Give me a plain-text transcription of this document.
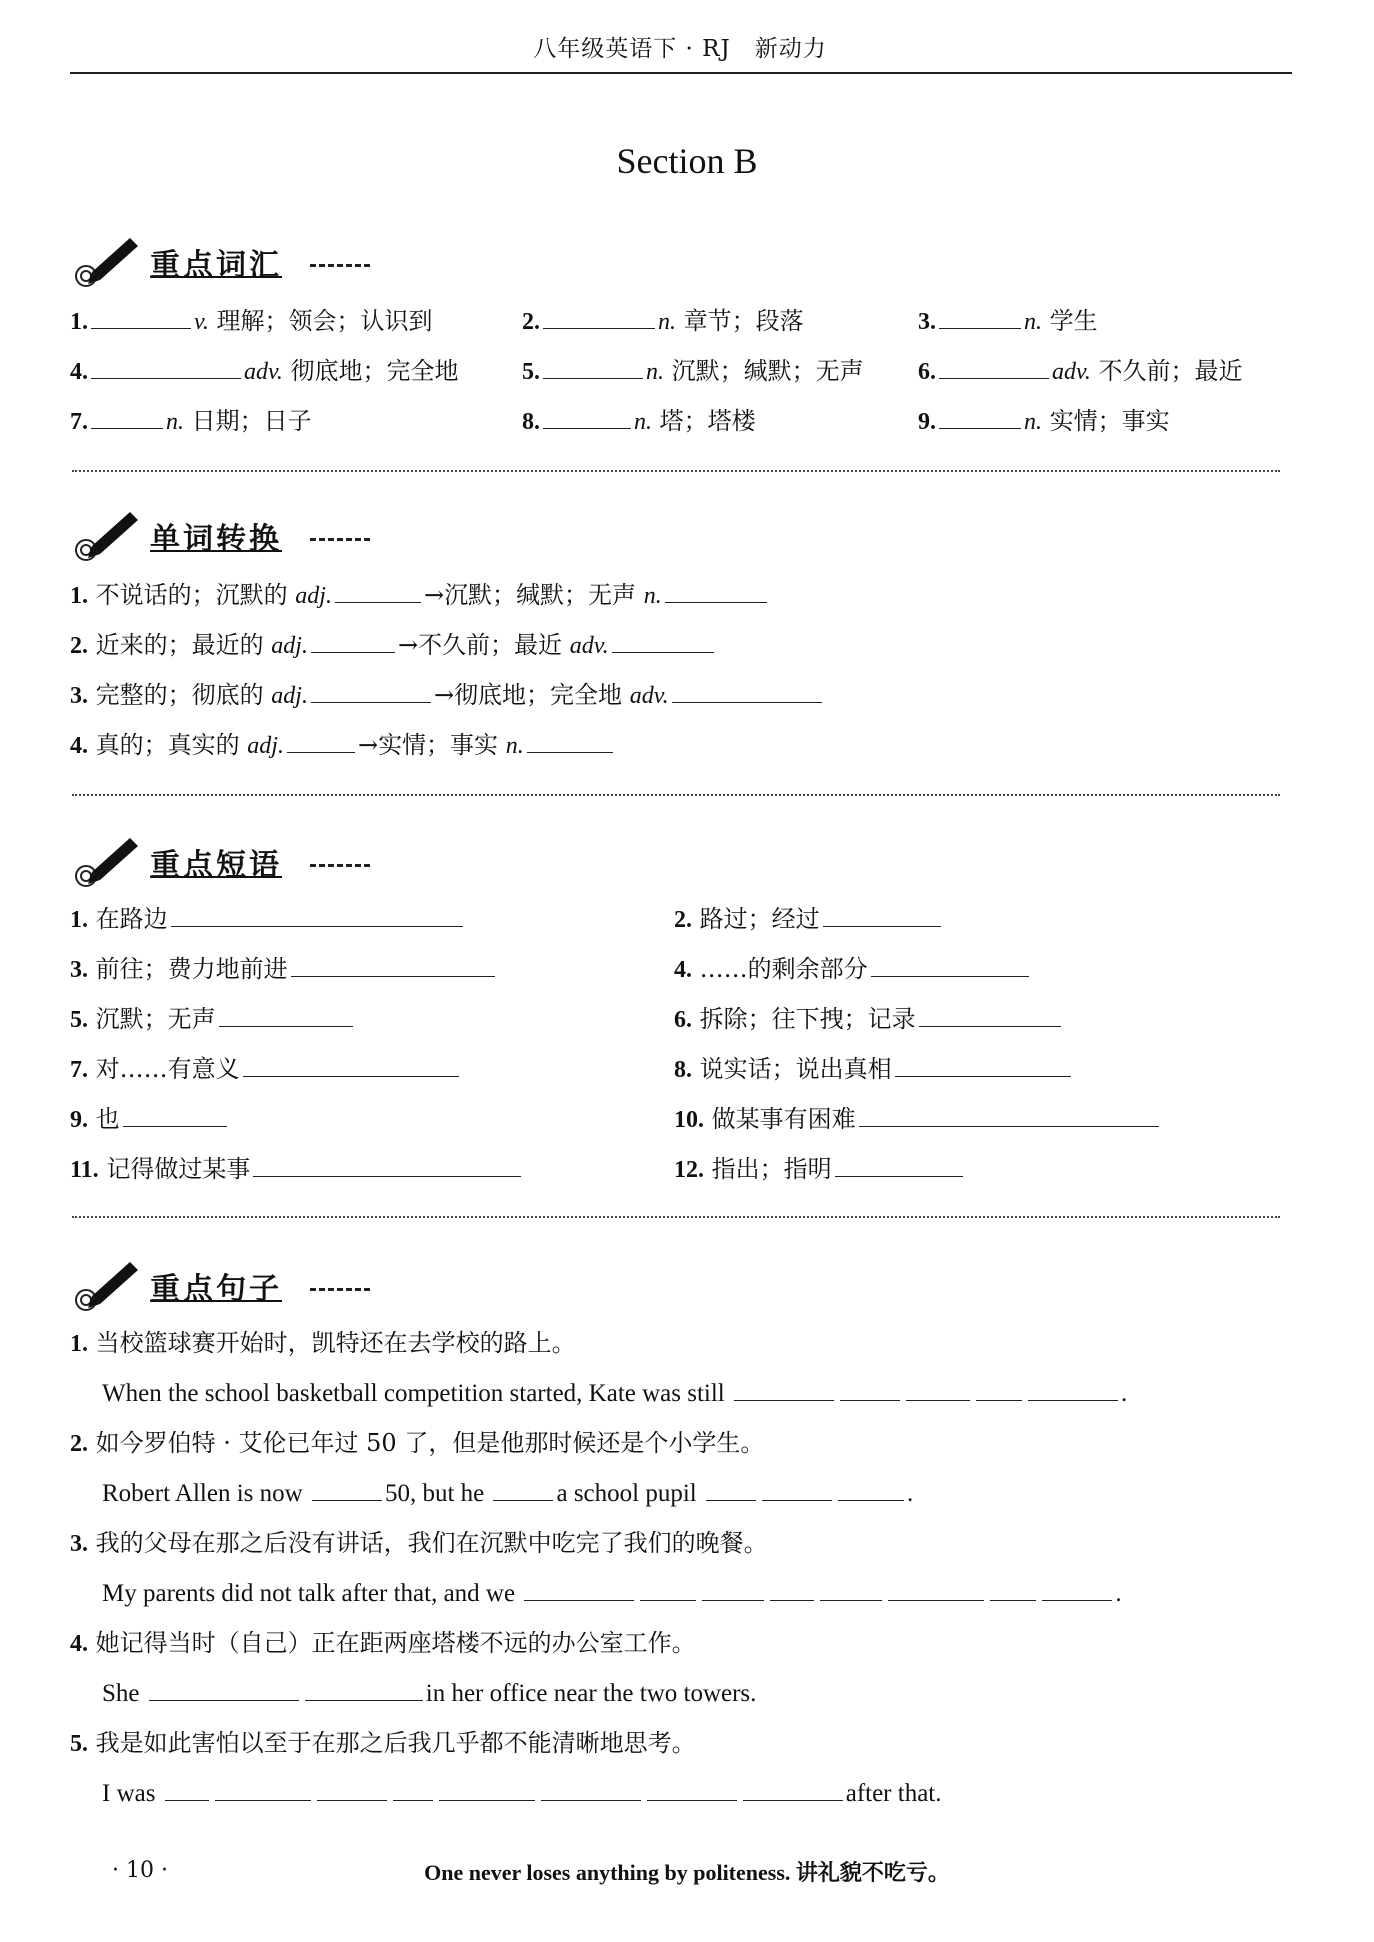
八年级英语下 · RJ　新动力
Section B
重点词汇
1.	v. 理解；领会；认识到	2.	n. 章节；段落	3.	n. 学生
4.	adv. 彻底地；完全地	5.	n. 沉默；缄默；无声 6.	adv. 不久前；最近
7.	n. 日期；日子	8.	n. 塔；塔楼	9.	n. 实情；事实
单词转换
1. 不说话的；沉默的 adj.	→沉默；缄默；无声 n.
2. 近来的；最近的 adj.	→不久前；最近 adv.
3. 完整的；彻底的 adj.	→彻底地；完全地 adv.
4. 真的；真实的 adj.	→实情；事实 n.
重点短语
1. 在路边	2. 路过；经过
3. 前往；费力地前进	4. ……的剩余部分
5. 沉默；无声	6. 拆除；往下拽；记录
7. 对……有意义	8. 说实话；说出真相
9. 也	10. 做某事有困难
11. 记得做过某事	12. 指出；指明
重点句子
1. 当校篮球赛开始时，凯特还在去学校的路上。
When the school basketball competition started, Kate was still	.
2. 如今罗伯特 · 艾伦已年过 50 了，但是他那时候还是个小学生。
Robert Allen is now	50, but he	a school pupil	.
3. 我的父母在那之后没有讲话，我们在沉默中吃完了我们的晚餐。
My parents did not talk after that, and we	.
4. 她记得当时（自己）正在距两座塔楼不远的办公室工作。
She	in her office near the two towers.
5. 我是如此害怕以至于在那之后我几乎都不能清晰地思考。
I was	after that.
· 10 ·	One never loses anything by politeness. 讲礼貌不吃亏。
